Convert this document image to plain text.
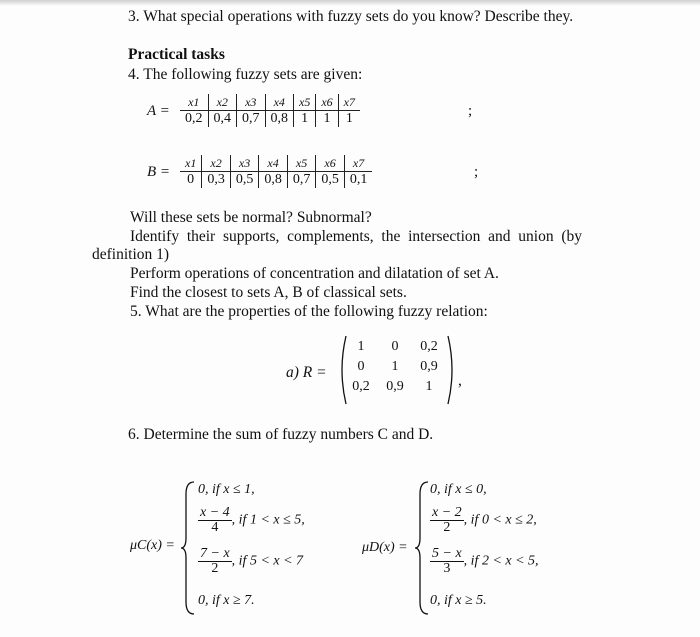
3. What special operations with fuzzy sets do you know? Describe they.
Practical tasks
4. The following fuzzy sets are given:
A =
x1	x2	x3	x4	x5	x6	x7
0,2	0,4	0,7	0,8	1	1	1	;
B =
x1	x2	x3	x4	x5	x6	x7
0	0,3	0,5	0,8	0,7	0,5	0,1	;
Will these sets be normal? Subnormal?
Identify  their  supports,  complements,  the  intersection  and  union  (by
definition 1)
Perform operations of concentration and dilatation of set A.
Find the closest to sets A, B of classical sets.
5. What are the properties of the following fuzzy relation:
a) R =
1 0 0,2
0 1 0,9
0,2 0,9 1	,
6. Determine the sum of fuzzy numbers C and D.
μC(x) =
0, if x ≤ 1,
$\frac{x - 4}{4}$ , if 1 < x ≤ 5,
$\frac{7 - x}{2}$ , if 5 < x < 7
0, if x ≥ 7.
μD(x) =
0, if x ≤ 0,
$\frac{x - 2}{2}$ , if 0 < x ≤ 2,
$\frac{5 - x}{3}$ , if 2 < x < 5,
0, if x ≥ 5.
